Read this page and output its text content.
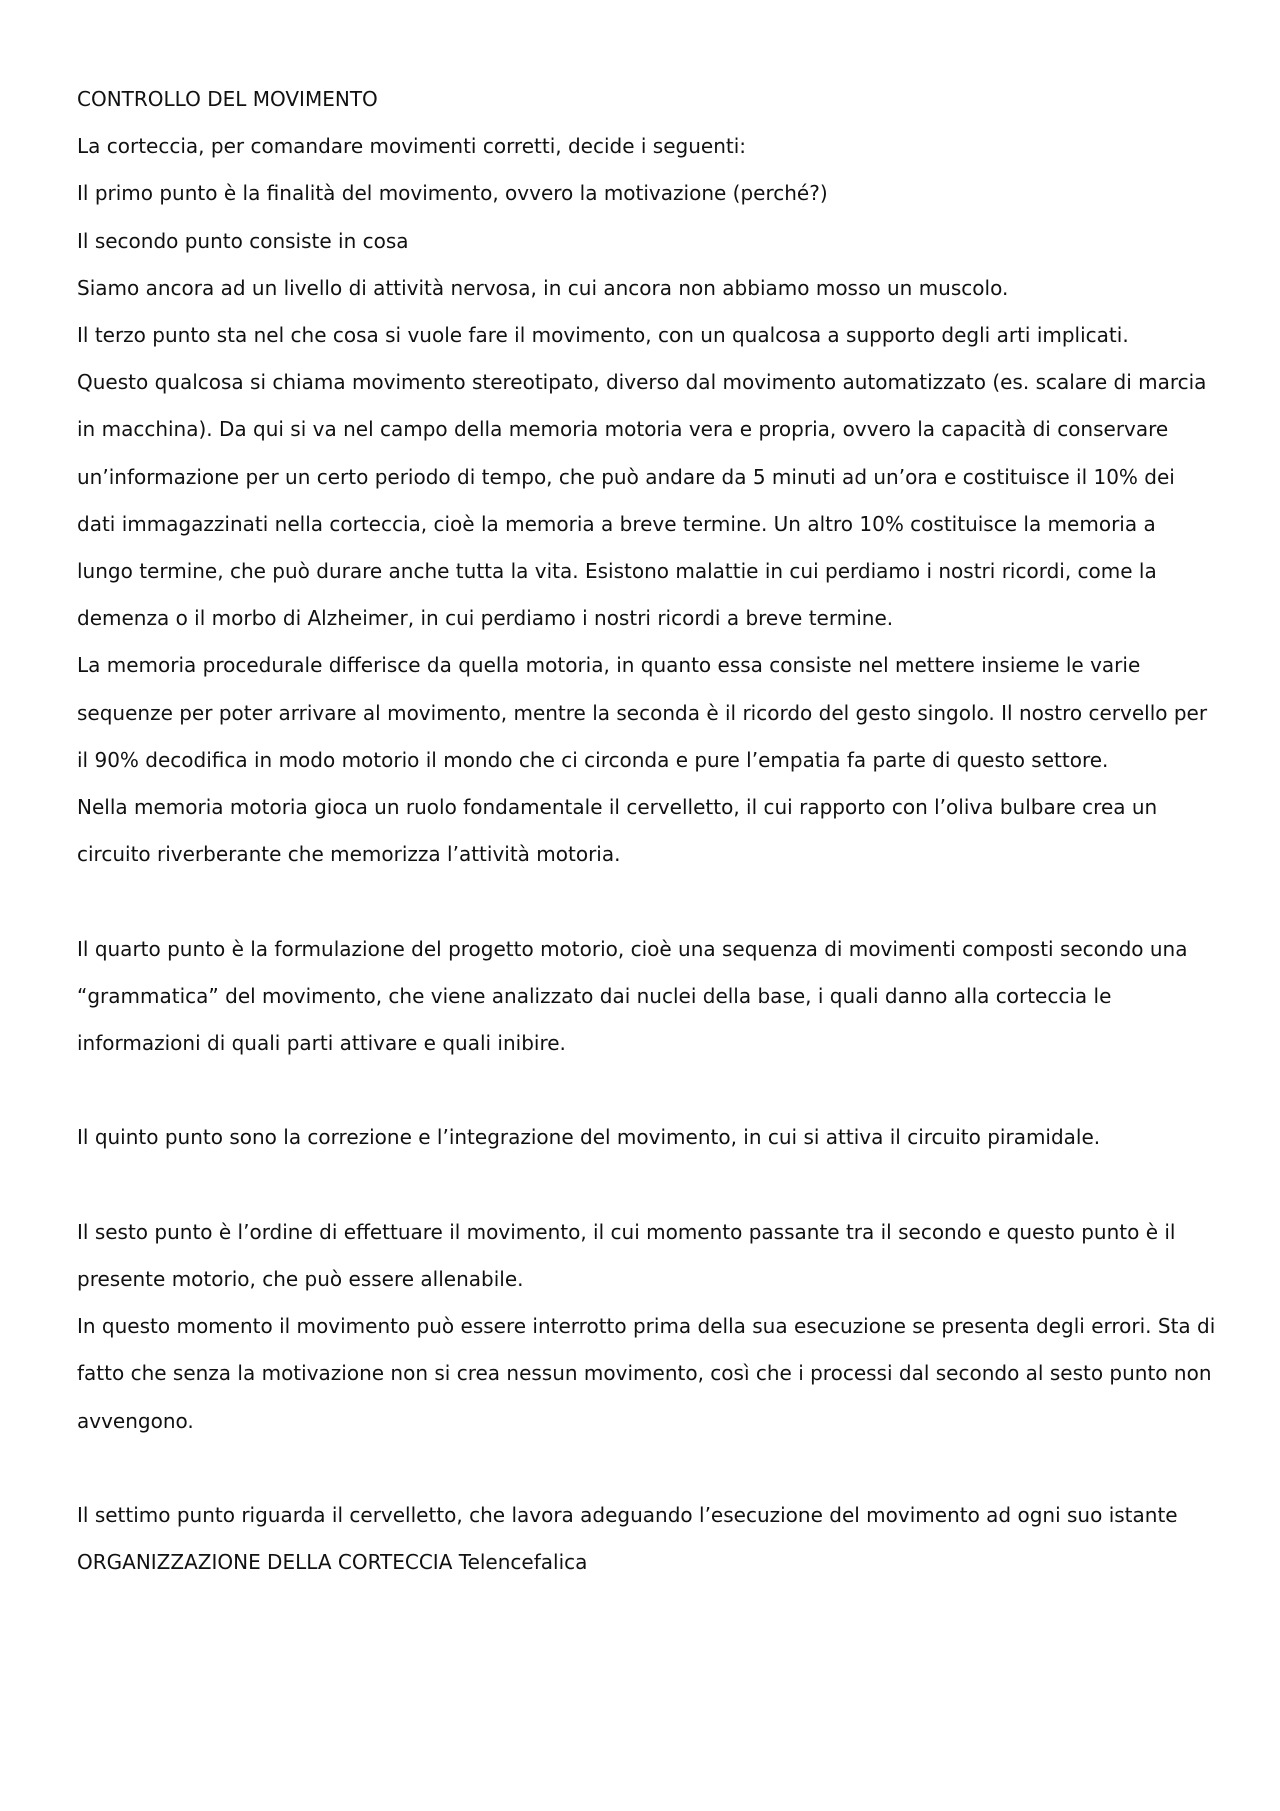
CONTROLLO DEL MOVIMENTO

La corteccia, per comandare movimenti corretti, decide i seguenti:

Il primo punto è la finalità del movimento, ovvero la motivazione (perché?)

Il secondo punto consiste in cosa

Siamo ancora ad un livello di attività nervosa, in cui ancora non abbiamo mosso un muscolo.

Il terzo punto sta nel che cosa si vuole fare il movimento, con un qualcosa a supporto degli arti implicati.

Questo qualcosa si chiama movimento stereotipato, diverso dal movimento automatizzato (es. scalare di marcia in macchina). Da qui si va nel campo della memoria motoria vera e propria, ovvero la capacità di conservare un’informazione per un certo periodo di tempo, che può andare da 5 minuti ad un’ora e costituisce il 10% dei dati immagazzinati nella corteccia, cioè la memoria a breve termine. Un altro 10% costituisce la memoria a lungo termine, che può durare anche tutta la vita. Esistono malattie in cui perdiamo i nostri ricordi, come la demenza o il morbo di Alzheimer, in cui perdiamo i nostri ricordi a breve termine.

La memoria procedurale differisce da quella motoria, in quanto essa consiste nel mettere insieme le varie sequenze per poter arrivare al movimento, mentre la seconda è il ricordo del gesto singolo. Il nostro cervello per il 90% decodifica in modo motorio il mondo che ci circonda e pure l’empatia fa parte di questo settore.

Nella memoria motoria gioca un ruolo fondamentale il cervelletto, il cui rapporto con l’oliva bulbare crea un circuito riverberante che memorizza l’attività motoria.

Il quarto punto è la formulazione del progetto motorio, cioè una sequenza di movimenti composti secondo una “grammatica” del movimento, che viene analizzato dai nuclei della base, i quali danno alla corteccia le informazioni di quali parti attivare e quali inibire.

Il quinto punto sono la correzione e l’integrazione del movimento, in cui si attiva il circuito piramidale.

Il sesto punto è l’ordine di effettuare il movimento, il cui momento passante tra il secondo e questo punto è il presente motorio, che può essere allenabile.

In questo momento il movimento può essere interrotto prima della sua esecuzione se presenta degli errori. Sta di fatto che senza la motivazione non si crea nessun movimento, così che i processi dal secondo al sesto punto non avvengono.

Il settimo punto riguarda il cervelletto, che lavora adeguando l’esecuzione del movimento ad ogni suo istante

ORGANIZZAZIONE DELLA CORTECCIA Telencefalica
